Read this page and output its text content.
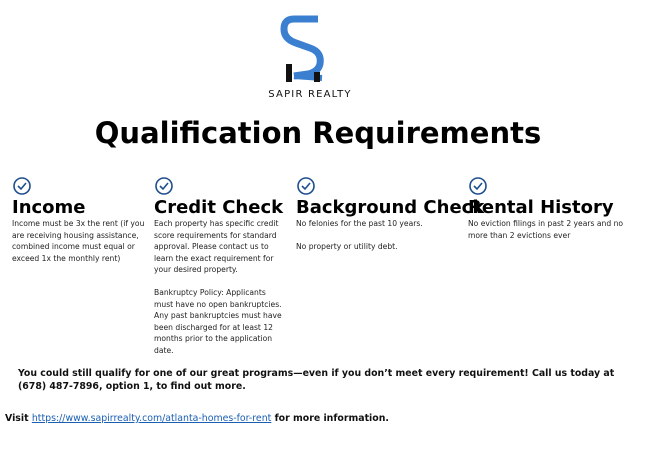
SAPIR REALTY
Qualification Requirements
Income

Income must be 3x the rent (if you are receiving housing assistance, combined income must equal or exceed 1x the monthly rent)

Credit Check

Each property has specific credit score requirements for standard approval. Please contact us to learn the exact requirement for your desired property.

Bankruptcy Policy: Applicants must have no open bankruptcies. Any past bankruptcies must have been discharged for at least 12 months prior to the application date.

Background Check

No felonies for the past 10 years.

No property or utility debt.

Rental History

No eviction filings in past 2 years and no more than 2 evictions ever

You could still qualify for one of our great programs—even if you don’t meet every requirement! Call us today at (678) 487-7896, option 1, to find out more.

Visit https://www.sapirrealty.com/atlanta-homes-for-rent for more information.
